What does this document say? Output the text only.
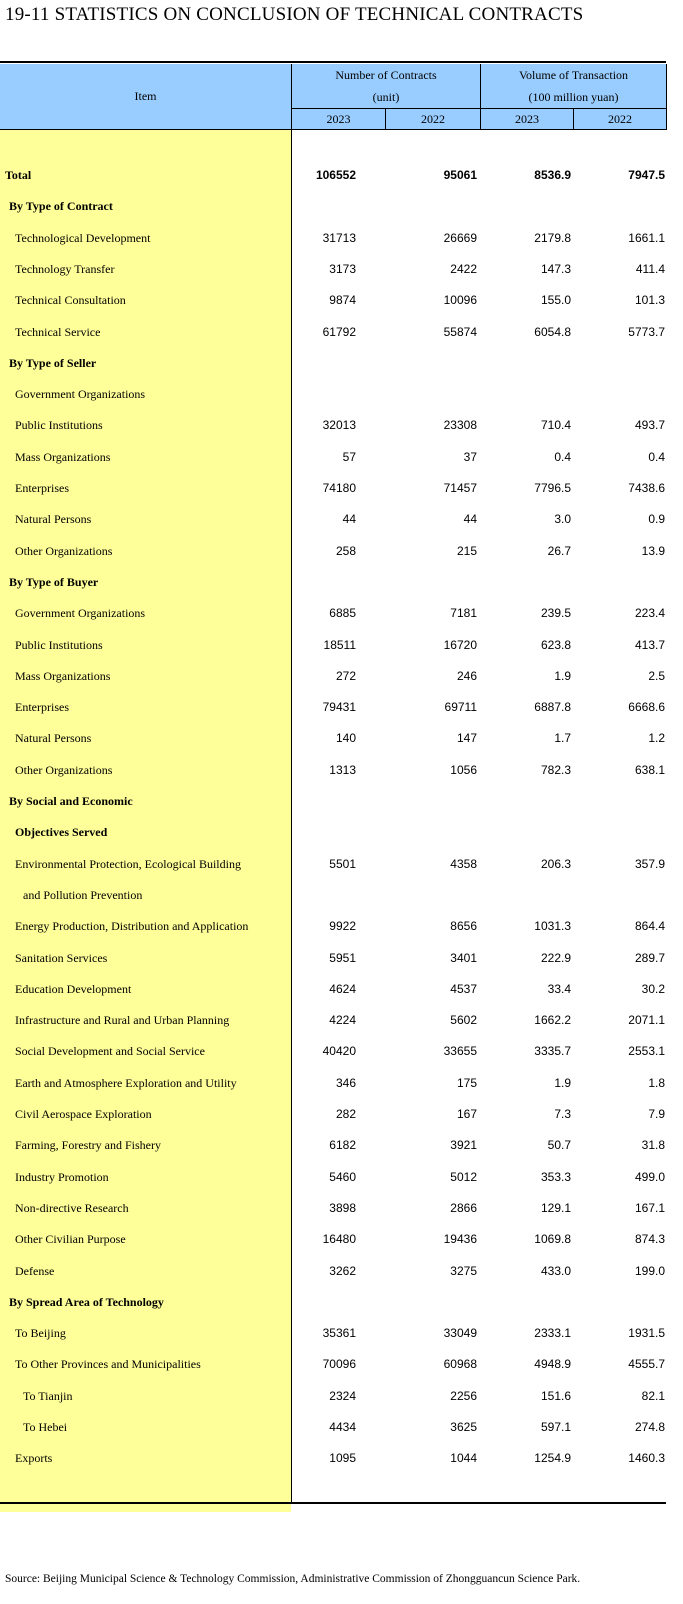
19-11 STATISTICS ON CONCLUSION OF TECHNICAL CONTRACTS
Item
Number of Contracts
(unit)
Volume of Transaction
(100 million yuan)
2023	2022	2023	2022
Total	106552	95061	8536.9	7947.5
By Type of Contract
Technological Development	31713	26669	2179.8	1661.1
Technology Transfer	3173	2422	147.3	411.4
Technical Consultation	9874	10096	155.0	101.3
Technical Service	61792	55874	6054.8	5773.7
By Type of Seller
Government Organizations
Public Institutions	32013	23308	710.4	493.7
Mass Organizations	57	37	0.4	0.4
Enterprises	74180	71457	7796.5	7438.6
Natural Persons	44	44	3.0	0.9
Other Organizations	258	215	26.7	13.9
By Type of Buyer
Government Organizations	6885	7181	239.5	223.4
Public Institutions	18511	16720	623.8	413.7
Mass Organizations	272	246	1.9	2.5
Enterprises	79431	69711	6887.8	6668.6
Natural Persons	140	147	1.7	1.2
Other Organizations	1313	1056	782.3	638.1
By Social and Economic
Objectives Served
Environmental Protection, Ecological Building	5501	4358	206.3	357.9
and Pollution Prevention
Energy Production, Distribution and Application	9922	8656	1031.3	864.4
Sanitation Services	5951	3401	222.9	289.7
Education Development	4624	4537	33.4	30.2
Infrastructure and Rural and Urban Planning	4224	5602	1662.2	2071.1
Social Development and Social Service	40420	33655	3335.7	2553.1
Earth and Atmosphere Exploration and Utility	346	175	1.9	1.8
Civil Aerospace Exploration	282	167	7.3	7.9
Farming, Forestry and Fishery	6182	3921	50.7	31.8
Industry Promotion	5460	5012	353.3	499.0
Non-directive Research	3898	2866	129.1	167.1
Other Civilian Purpose	16480	19436	1069.8	874.3
Defense	3262	3275	433.0	199.0
By Spread Area of Technology
To Beijing	35361	33049	2333.1	1931.5
To Other Provinces and Municipalities	70096	60968	4948.9	4555.7
To Tianjin	2324	2256	151.6	82.1
To Hebei	4434	3625	597.1	274.8
Exports	1095	1044	1254.9	1460.3
Source: Beijing Municipal Science & Technology Commission, Administrative Commission of Zhongguancun Science Park.
